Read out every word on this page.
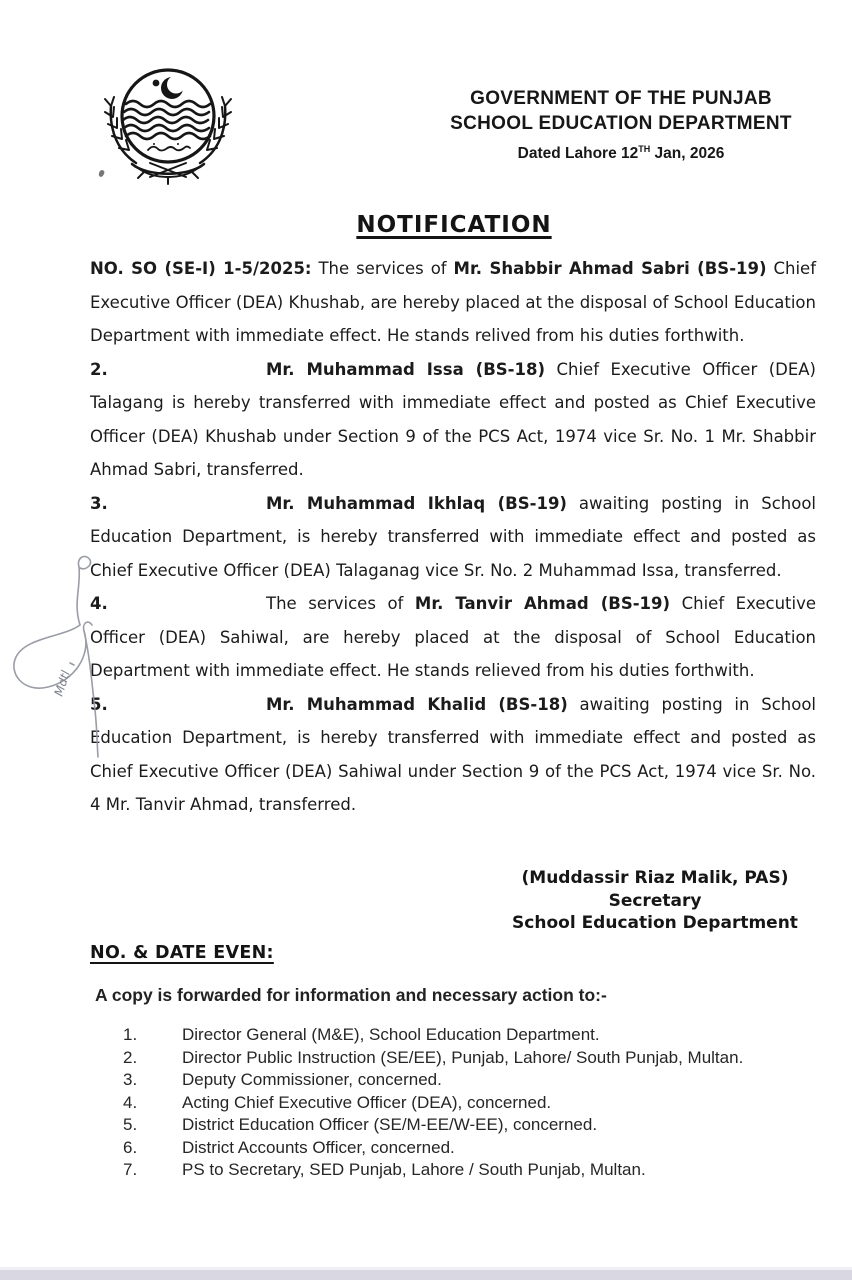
GOVERNMENT OF THE PUNJAB
SCHOOL EDUCATION DEPARTMENT
Dated Lahore 12TH Jan, 2026
NOTIFICATION

NO. SO (SE-I) 1-5/2025: The services of Mr. Shabbir Ahmad Sabri (BS-19) Chief Executive Officer (DEA) Khushab, are hereby placed at the disposal of School Education Department with immediate effect. He stands relived from his duties forthwith.

2.	Mr. Muhammad Issa (BS-18) Chief Executive Officer (DEA) Talagang is hereby transferred with immediate effect and posted as Chief Executive Officer (DEA) Khushab under Section 9 of the PCS Act, 1974 vice Sr. No. 1 Mr. Shabbir Ahmad Sabri, transferred.

3.	Mr. Muhammad Ikhlaq (BS-19) awaiting posting in School Education Department, is hereby transferred with immediate effect and posted as Chief Executive Officer (DEA) Talaganag vice Sr. No. 2 Muhammad Issa, transferred.

4.	The services of Mr. Tanvir Ahmad (BS-19) Chief Executive Officer (DEA) Sahiwal, are hereby placed at the disposal of School Education Department with immediate effect. He stands relieved from his duties forthwith.

5.	Mr. Muhammad Khalid (BS-18) awaiting posting in School Education Department, is hereby transferred with immediate effect and posted as Chief Executive Officer (DEA) Sahiwal under Section 9 of the PCS Act, 1974 vice Sr. No. 4 Mr. Tanvir Ahmad, transferred.

(Muddassir Riaz Malik, PAS)
Secretary
School Education Department
NO. & DATE EVEN:
A copy is forwarded for information and necessary action to:-
1.	Director General (M&E), School Education Department.
2.	Director Public Instruction (SE/EE), Punjab, Lahore/ South Punjab, Multan.
3.	Deputy Commissioner, concerned.
4.	Acting Chief Executive Officer (DEA), concerned.
5.	District Education Officer (SE/M-EE/W-EE), concerned.
6.	District Accounts Officer, concerned.
7.	PS to Secretary, SED Punjab, Lahore / South Punjab, Multan.
Mdtl
